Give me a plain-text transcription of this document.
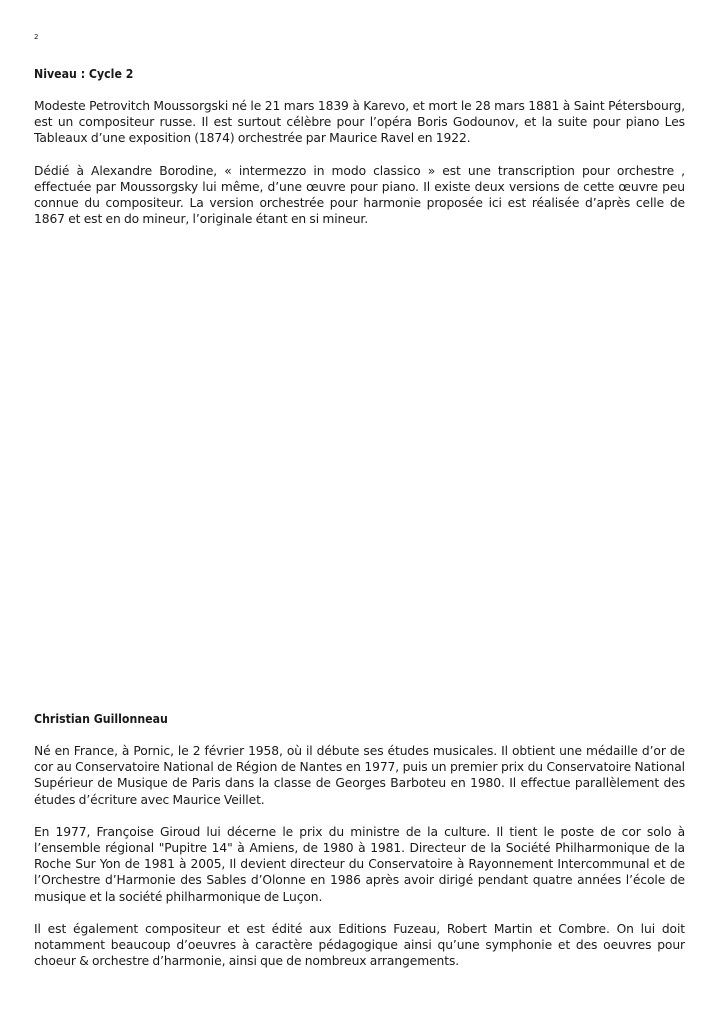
2
Niveau : Cycle 2

Modeste Petrovitch Moussorgski né le 21 mars 1839 à Karevo, et mort le 28 mars 1881 à Saint Pétersbourg, est un compositeur russe. Il est surtout célèbre pour l’opéra Boris Godounov, et la suite pour piano Les Tableaux d’une exposition (1874) orchestrée par Maurice Ravel en 1922.

Dédié à Alexandre Borodine, « intermezzo in modo classico » est une transcription pour orchestre , effectuée par Moussorgsky lui même, d’une œuvre pour piano. Il existe deux versions de cette œuvre peu connue du compositeur. La version orchestrée pour harmonie proposée ici est réalisée d’après celle de 1867 et est en do mineur, l’originale étant en si mineur.

Christian Guillonneau

Né en France, à Pornic, le 2 février 1958, où il débute ses études musicales. Il obtient une médaille d’or de cor au Conservatoire National de Région de Nantes en 1977, puis un premier prix du Conservatoire National Supérieur de Musique de Paris dans la classe de Georges Barboteu en 1980. Il effectue parallèlement des études d’écriture avec Maurice Veillet.

En 1977, Françoise Giroud lui décerne le prix du ministre de la culture. Il tient le poste de cor solo à l’ensemble régional "Pupitre 14" à Amiens, de 1980 à 1981. Directeur de la Société Philharmonique de la Roche Sur Yon de 1981 à 2005, Il devient directeur du Conservatoire à Rayonnement Intercommunal et de l’Orchestre d’Harmonie des Sables d’Olonne en 1986 après avoir dirigé pendant quatre années l’école de musique et la société philharmonique de Luçon.

Il est également compositeur et est édité aux Editions Fuzeau, Robert Martin et Combre. On lui doit notamment beaucoup d’oeuvres à caractère pédagogique ainsi qu’une symphonie et des oeuvres pour choeur & orchestre d’harmonie, ainsi que de nombreux arrangements.
